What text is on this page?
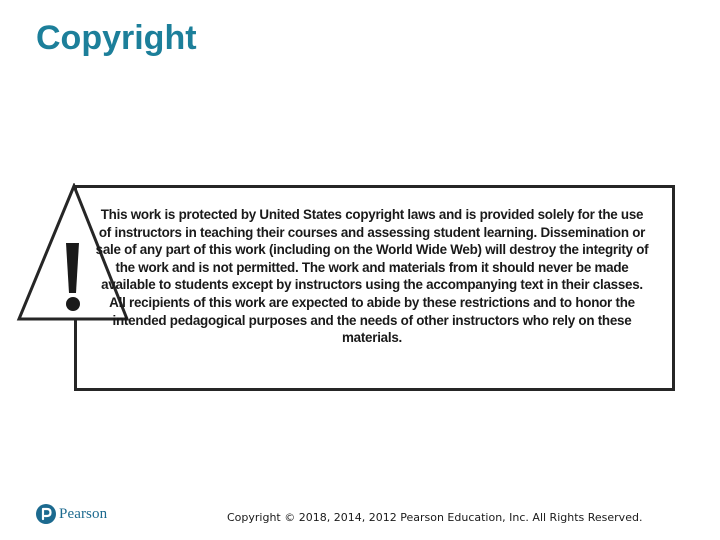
Copyright

This work is protected by United States copyright laws and is provided solely for the use of instructors in teaching their courses and assessing student learning. Dissemination or sale of any part of this work (including on the World Wide Web) will destroy the integrity of the work and is not permitted. The work and materials from it should never be made available to students except by instructors using the accompanying text in their classes. All recipients of this work are expected to abide by these restrictions and to honor the intended pedagogical purposes and the needs of other instructors who rely on these materials.

Pearson	Copyright © 2018, 2014, 2012 Pearson Education, Inc. All Rights Reserved.
